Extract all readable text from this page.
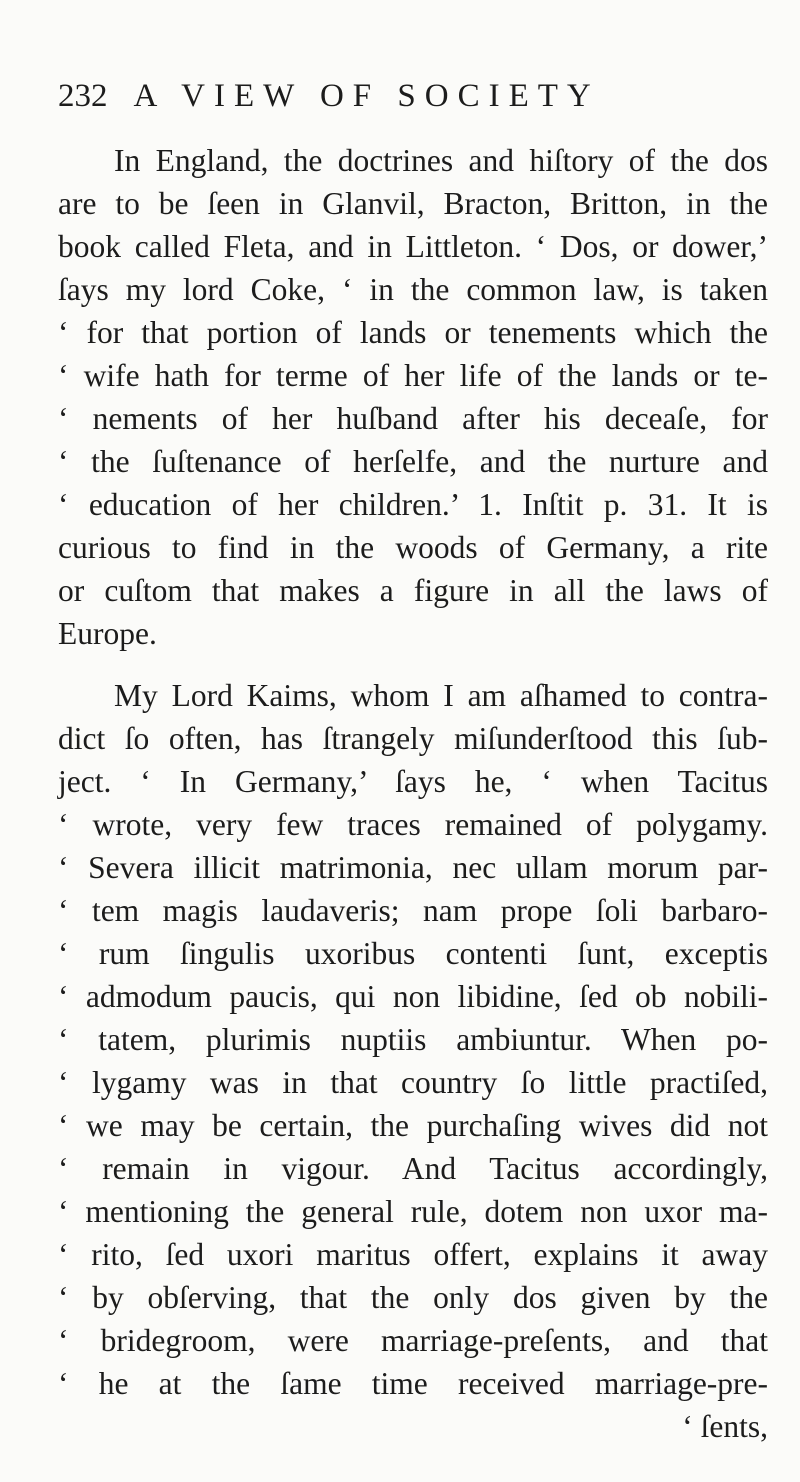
232 A VIEW OF SOCIETY
In England, the doctrines and hiſtory of the dos
are to be ſeen in Glanvil, Bracton, Britton, in the
book called Fleta, and in Littleton. ‘ Dos, or dower,’
ſays my lord Coke, ‘ in the common law, is taken
‘ for that portion of lands or tenements which the
‘ wife hath for terme of her life of the lands or te-
‘ nements of her huſband after his deceaſe, for
‘ the ſuſtenance of herſelfe, and the nurture and
‘ education of her children.’ 1. Inſtit p. 31. It is
curious to find in the woods of Germany, a rite
or cuſtom that makes a figure in all the laws of
Europe.
My Lord Kaims, whom I am aſhamed to contra-
dict ſo often, has ſtrangely miſunderſtood this ſub-
ject. ‘ In Germany,’ ſays he, ‘ when Tacitus
‘ wrote, very few traces remained of polygamy.
‘ Severa illicit matrimonia, nec ullam morum par-
‘ tem magis laudaveris; nam prope ſoli barbaro-
‘ rum ſingulis uxoribus contenti ſunt, exceptis
‘ admodum paucis, qui non libidine, ſed ob nobili-
‘ tatem, plurimis nuptiis ambiuntur. When po-
‘ lygamy was in that country ſo little practiſed,
‘ we may be certain, the purchaſing wives did not
‘ remain in vigour. And Tacitus accordingly,
‘ mentioning the general rule, dotem non uxor ma-
‘ rito, ſed uxori maritus offert, explains it away
‘ by obſerving, that the only dos given by the
‘ bridegroom, were marriage-preſents, and that
‘ he at the ſame time received marriage-pre-
‘ ſents,
